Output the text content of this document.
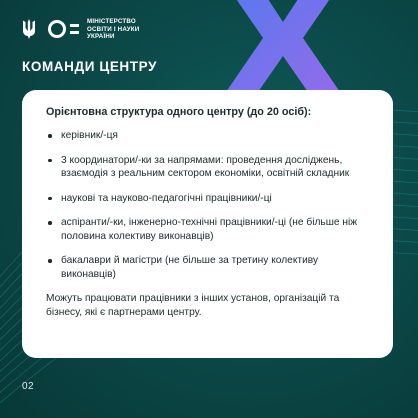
МІНІСТЕРСТВО
ОСВІТИ І НАУКИ
УКРАЇНИ
КОМАНДИ ЦЕНТРУ

Орієнтовна структура одного центру (до 20 осіб):

керівник/-ця
3 координатори/-ки за напрямами: проведення досліджень, взаємодія з реальним сектором економіки, освітній складник
наукові та науково-педагогічні працівники/-ці
аспіранти/-ки, інженерно-технічні працівники/-ці (не більше ніж половина колективу виконавців)
бакалаври й магістри (не більше за третину колективу виконавців)

Можуть працювати працівники з інших установ, організацій та бізнесу, які є партнерами центру.

02
